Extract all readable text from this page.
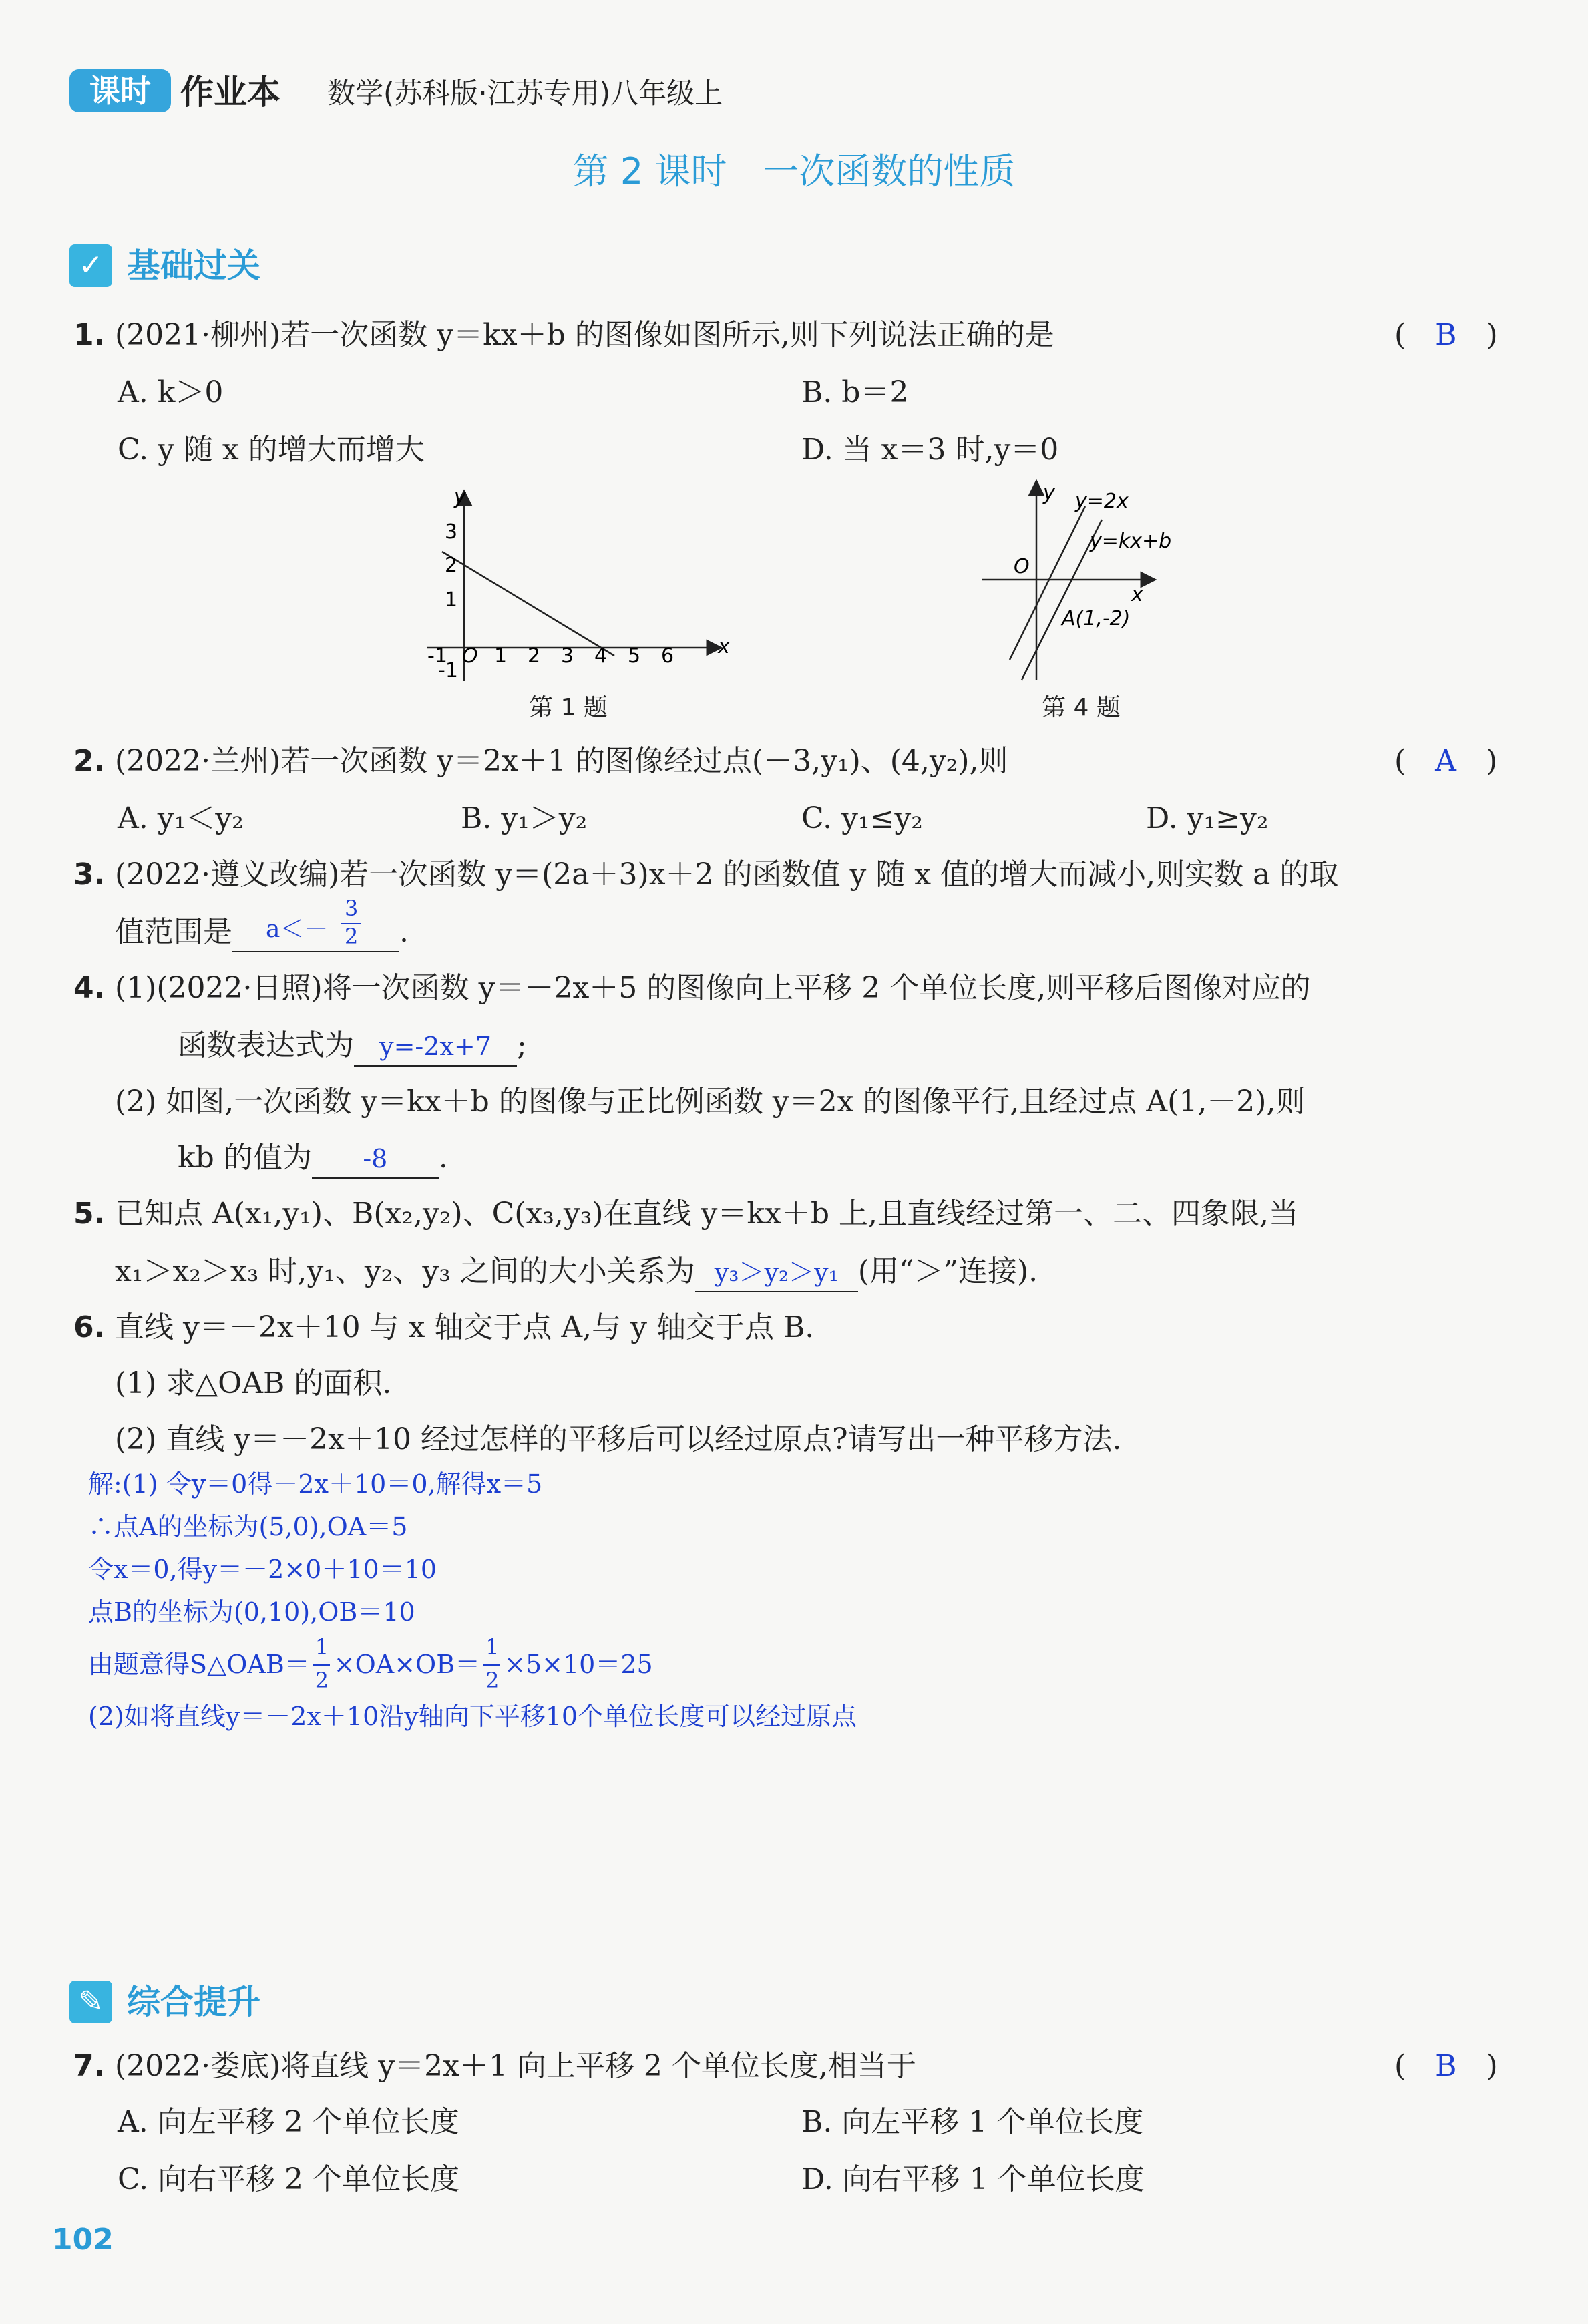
课时 作业本 数学(苏科版·江苏专用)八年级上
第 2 课时　一次函数的性质
✓ 基础过关
1. (2021·柳州)若一次函数 y＝kx＋b 的图像如图所示,则下列说法正确的是	(　B　)
A. k＞0	B. b＝2
C. y 随 x 的增大而增大	D. 当 x＝3 时,y＝0
y
x
3
2
1
-1
-1 O 1 2 3 4 5 6
第 1 题
y
x
O
y=2x
y=kx+b
A(1,-2)
第 4 题
2. (2022·兰州)若一次函数 y＝2x＋1 的图像经过点(－3,y₁)、(4,y₂),则	(　A　)
A. y₁＜y₂	B. y₁＞y₂	C. y₁≤y₂	D. y₁≥y₂
3. (2022·遵义改编)若一次函数 y＝(2a＋3)x＋2 的函数值 y 随 x 值的增大而减小,则实数 a 的取
值范围是 a＜－
3
2 .
4. (1)(2022·日照)将一次函数 y＝－2x＋5 的图像向上平移 2 个单位长度,则平移后图像对应的
函数表达式为 y=-2x+7 ;
(2) 如图,一次函数 y＝kx＋b 的图像与正比例函数 y＝2x 的图像平行,且经过点 A(1,－2),则
kb 的值为 -8 .
5. 已知点 A(x₁,y₁)、B(x₂,y₂)、C(x₃,y₃)在直线 y＝kx＋b 上,且直线经过第一、二、四象限,当
x₁＞x₂＞x₃ 时,y₁、y₂、y₃ 之间的大小关系为 y₃＞y₂＞y₁ (用“＞”连接).
6. 直线 y＝－2x＋10 与 x 轴交于点 A,与 y 轴交于点 B.
(1) 求△OAB 的面积.
(2) 直线 y＝－2x＋10 经过怎样的平移后可以经过原点?请写出一种平移方法.
解:(1) 令y＝0得－2x＋10＝0,解得x＝5
∴点A的坐标为(5,0),OA＝5
令x＝0,得y＝－2×0＋10＝10
点B的坐标为(0,10),OB＝10
由题意得S△OAB＝ $\frac{1}{2} \times OA\times OB= \frac{1}{2} \times 5\times 10=25$
(2)如将直线y＝－2x＋10沿y轴向下平移10个单位长度可以经过原点
✎ 综合提升
7. (2022·娄底)将直线 y＝2x＋1 向上平移 2 个单位长度,相当于	(　B　)
A. 向左平移 2 个单位长度	B. 向左平移 1 个单位长度
C. 向右平移 2 个单位长度	D. 向右平移 1 个单位长度
102
